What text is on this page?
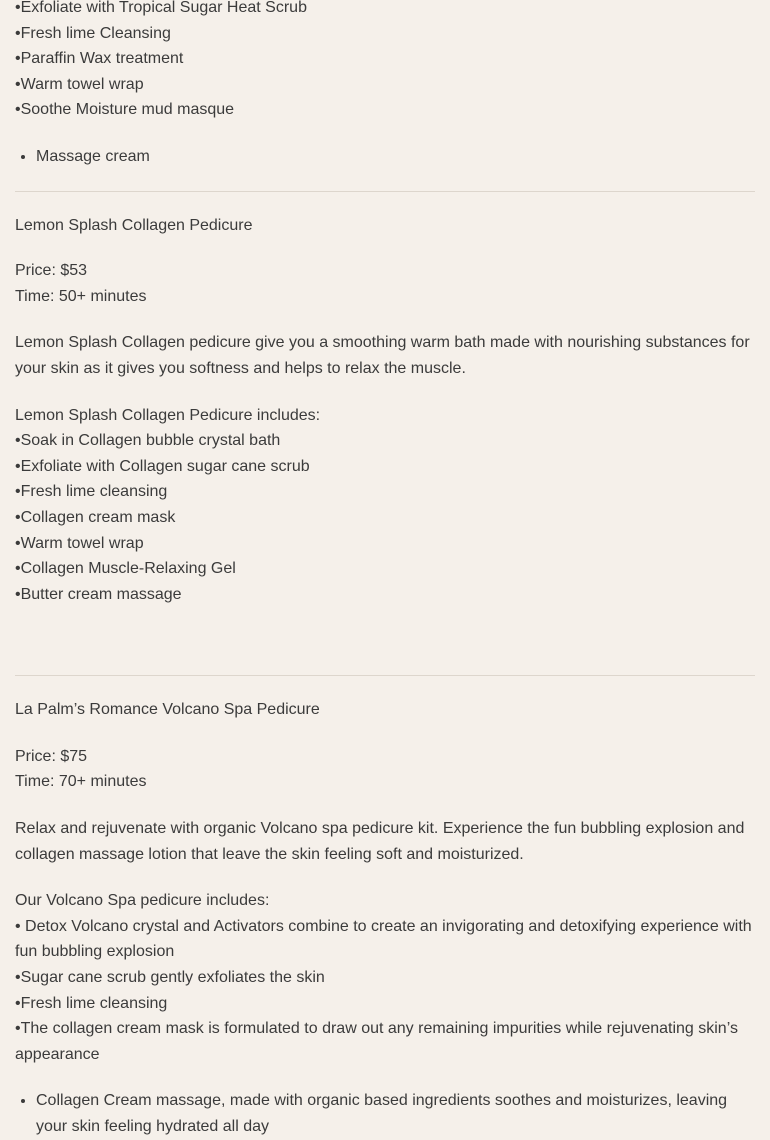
•Exfoliate with Tropical Sugar Heat Scrub
•Fresh lime Cleansing
•Paraffin Wax treatment
•Warm towel wrap
•Soothe Moisture mud masque
• Massage cream
Lemon Splash Collagen Pedicure
Price: $53
Time: 50+ minutes
Lemon Splash Collagen pedicure give you a smoothing warm bath made with nourishing substances for your skin as it gives you softness and helps to relax the muscle.
Lemon Splash Collagen Pedicure includes:
•Soak in Collagen bubble crystal bath
•Exfoliate with Collagen sugar cane scrub
•Fresh lime cleansing
•Collagen cream mask
•Warm towel wrap
•Collagen Muscle-Relaxing Gel
•Butter cream massage
La Palm’s Romance Volcano Spa Pedicure
Price: $75
Time: 70+ minutes
Relax and rejuvenate with organic Volcano spa pedicure kit. Experience the fun bubbling explosion and collagen massage lotion that leave the skin feeling soft and moisturized.
Our Volcano Spa pedicure includes:
• Detox Volcano crystal and Activators combine to create an invigorating and detoxifying experience with fun bubbling explosion
•Sugar cane scrub gently exfoliates the skin
•Fresh lime cleansing
•The collagen cream mask is formulated to draw out any remaining impurities while rejuvenating skin’s appearance
• Collagen Cream massage, made with organic based ingredients soothes and moisturizes, leaving your skin feeling hydrated all day
